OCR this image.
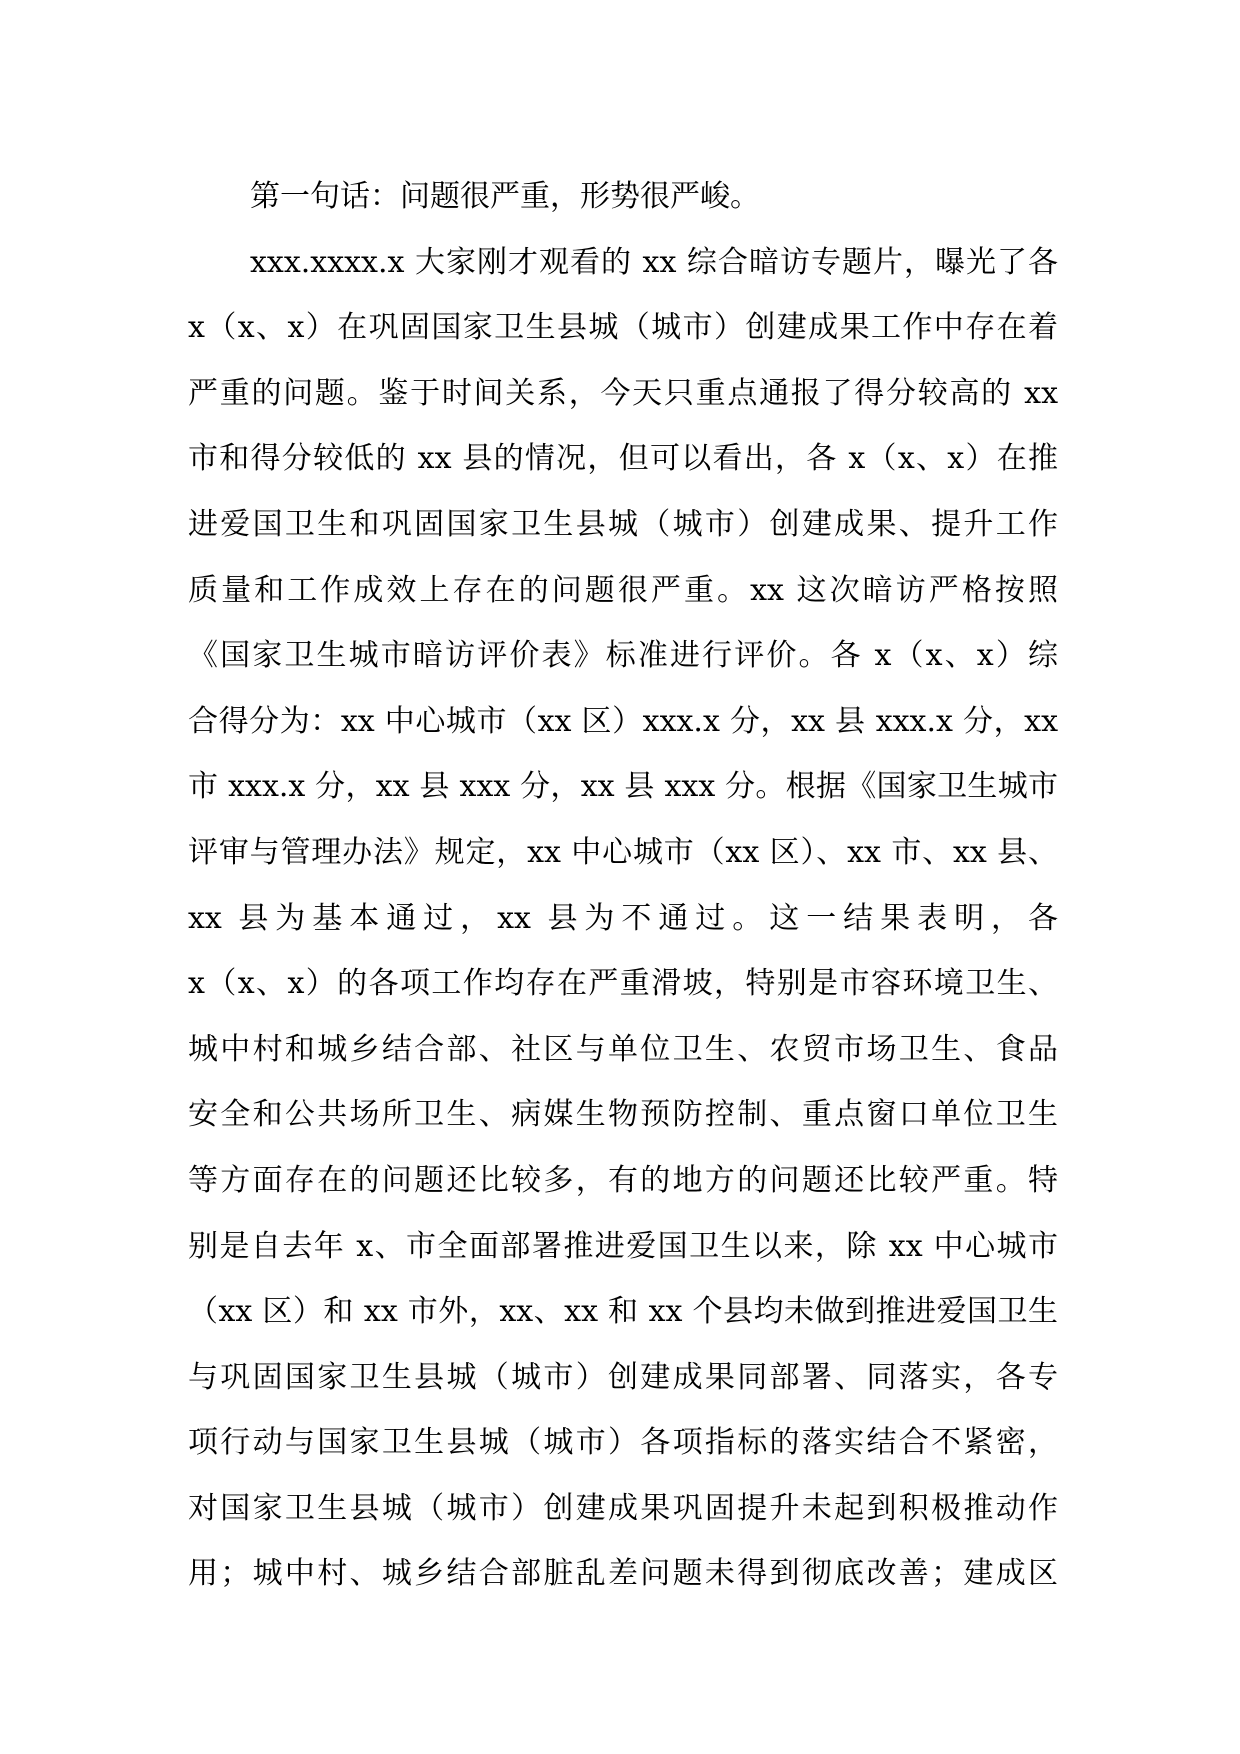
第一句话：问题很严重，形势很严峻。
xxx.xxxx.x 大家刚才观看的 xx 综合暗访专题片，曝光了各
x（x、x）在巩固国家卫生县城（城市）创建成果工作中存在着
严重的问题。鉴于时间关系，今天只重点通报了得分较高的 xx
市和得分较低的 xx 县的情况，但可以看出，各 x（x、x）在推
进爱国卫生和巩固国家卫生县城（城市）创建成果、提升工作
质量和工作成效上存在的问题很严重。xx 这次暗访严格按照
《国家卫生城市暗访评价表》标准进行评价。各 x（x、x）综
合得分为：xx 中心城市（xx 区）xxx.x 分，xx 县 xxx.x 分，xx
市 xxx.x 分，xx 县 xxx 分，xx 县 xxx 分。根据《国家卫生城市
评审与管理办法》规定，xx 中心城市（xx 区）、xx 市、xx 县、
xx 县为基本通过，xx 县为不通过。这一结果表明，各
x（x、x）的各项工作均存在严重滑坡，特别是市容环境卫生、
城中村和城乡结合部、社区与单位卫生、农贸市场卫生、食品
安全和公共场所卫生、病媒生物预防控制、重点窗口单位卫生
等方面存在的问题还比较多，有的地方的问题还比较严重。特
别是自去年 x、市全面部署推进爱国卫生以来，除 xx 中心城市
（xx 区）和 xx 市外，xx、xx 和 xx 个县均未做到推进爱国卫生
与巩固国家卫生县城（城市）创建成果同部署、同落实，各专
项行动与国家卫生县城（城市）各项指标的落实结合不紧密，
对国家卫生县城（城市）创建成果巩固提升未起到积极推动作
用；城中村、城乡结合部脏乱差问题未得到彻底改善；建成区
